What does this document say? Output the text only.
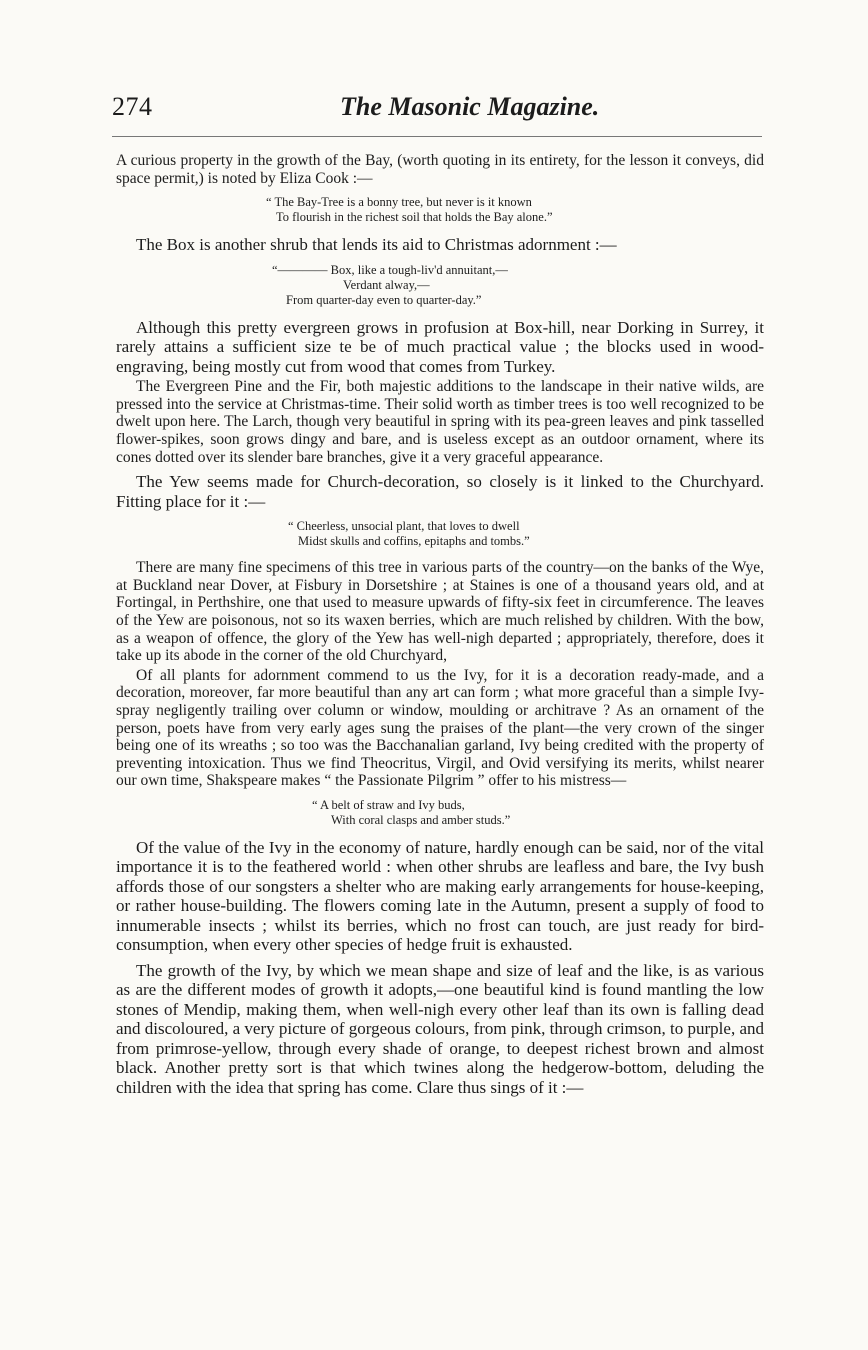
274	The Masonic Magazine.

A curious property in the growth of the Bay, (worth quoting in its entirety, for the lesson it conveys, did space permit,) is noted by Eliza Cook :—

“ The Bay-Tree is a bonny tree, but never is it known
To flourish in the richest soil that holds the Bay alone.”

The Box is another shrub that lends its aid to Christmas adornment :—

“———— Box, like a tough-liv'd annuitant,—
Verdant alway,—
From quarter-day even to quarter-day.”

Although this pretty evergreen grows in profusion at Box-hill, near Dorking in Surrey, it rarely attains a sufficient size te be of much practical value ; the blocks used in wood-engraving, being mostly cut from wood that comes from Turkey.

The Evergreen Pine and the Fir, both majestic additions to the landscape in their native wilds, are pressed into the service at Christmas-time. Their solid worth as timber trees is too well recognized to be dwelt upon here. The Larch, though very beautiful in spring with its pea-green leaves and pink tasselled flower-spikes, soon grows dingy and bare, and is useless except as an outdoor ornament, where its cones dotted over its slender bare branches, give it a very graceful appearance.

The Yew seems made for Church-decoration, so closely is it linked to the Churchyard. Fitting place for it :—

“ Cheerless, unsocial plant, that loves to dwell
Midst skulls and coffins, epitaphs and tombs.”

There are many fine specimens of this tree in various parts of the country—on the banks of the Wye, at Buckland near Dover, at Fisbury in Dorsetshire ; at Staines is one of a thousand years old, and at Fortingal, in Perthshire, one that used to measure upwards of fifty-six feet in circumference. The leaves of the Yew are poisonous, not so its waxen berries, which are much relished by children. With the bow, as a weapon of offence, the glory of the Yew has well-nigh departed ; appropriately, therefore, does it take up its abode in the corner of the old Churchyard,

Of all plants for adornment commend to us the Ivy, for it is a decoration ready-made, and a decoration, moreover, far more beautiful than any art can form ; what more graceful than a simple Ivy-spray negligently trailing over column or window, moulding or architrave ? As an ornament of the person, poets have from very early ages sung the praises of the plant—the very crown of the singer being one of its wreaths ; so too was the Bacchanalian garland, Ivy being credited with the property of preventing intoxication. Thus we find Theocritus, Virgil, and Ovid versifying its merits, whilst nearer our own time, Shakspeare makes “ the Passionate Pilgrim ” offer to his mistress—

“ A belt of straw and Ivy buds,
With coral clasps and amber studs.”

Of the value of the Ivy in the economy of nature, hardly enough can be said, nor of the vital importance it is to the feathered world : when other shrubs are leafless and bare, the Ivy bush affords those of our songsters a shelter who are making early arrangements for house-keeping, or rather house-building. The flowers coming late in the Autumn, present a supply of food to innumerable insects ; whilst its berries, which no frost can touch, are just ready for bird-consumption, when every other species of hedge fruit is exhausted.

The growth of the Ivy, by which we mean shape and size of leaf and the like, is as various as are the different modes of growth it adopts,—one beautiful kind is found mantling the low stones of Mendip, making them, when well-nigh every other leaf than its own is falling dead and discoloured, a very picture of gorgeous colours, from pink, through crimson, to purple, and from primrose-yellow, through every shade of orange, to deepest richest brown and almost black. Another pretty sort is that which twines along the hedgerow-bottom, deluding the children with the idea that spring has come. Clare thus sings of it :—
